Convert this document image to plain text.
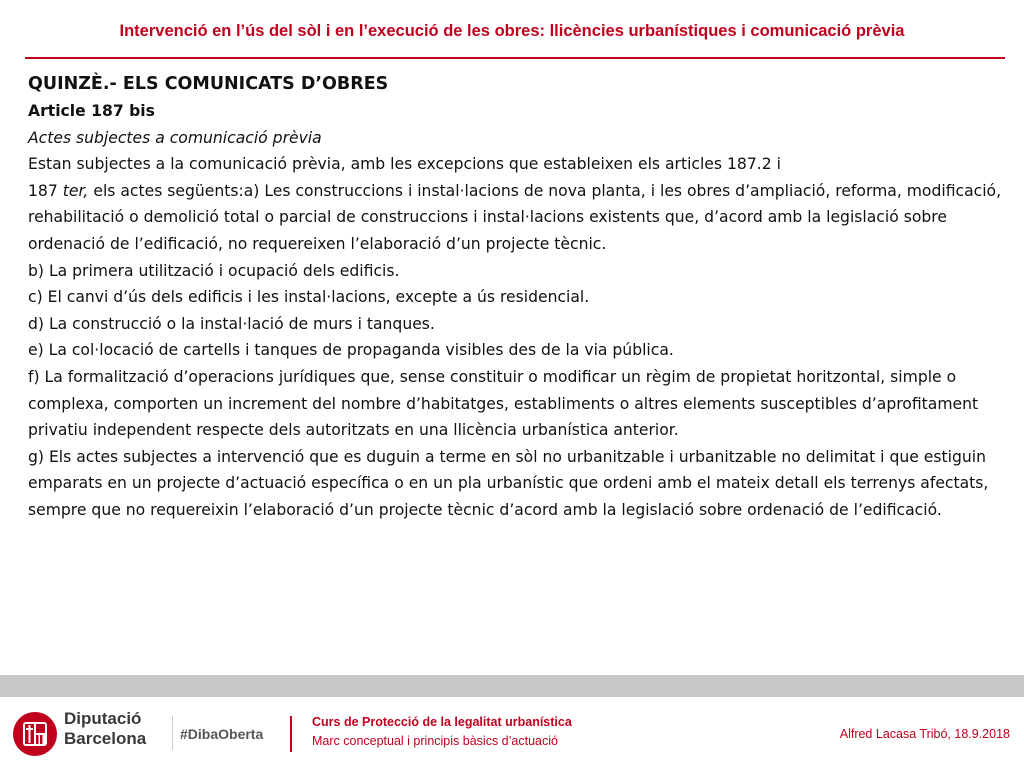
Intervenció en l’ús del sòl i en l’execució de les obres: llicències urbanístiques i comunicació prèvia

QUINZÈ.- ELS COMUNICATS D’OBRES

Article 187 bis

Actes subjectes a comunicació prèvia

Estan subjectes a la comunicació prèvia, amb les excepcions que estableixen els articles 187.2 i

187 ter, els actes següents:a) Les construccions i instal·lacions de nova planta, i les obres d’ampliació, reforma, modificació, rehabilitació o demolició total o parcial de construccions i instal·lacions existents que, d’acord amb la legislació sobre ordenació de l’edificació, no requereixen l’elaboració d’un projecte tècnic.

b) La primera utilització i ocupació dels edificis.

c) El canvi d’ús dels edificis i les instal·lacions, excepte a ús residencial.

d) La construcció o la instal·lació de murs i tanques.

e) La col·locació de cartells i tanques de propaganda visibles des de la via pública.

f) La formalització d’operacions jurídiques que, sense constituir o modificar un règim de propietat horitzontal, simple o complexa, comporten un increment del nombre d’habitatges, establiments o altres elements susceptibles d’aprofitament privatiu independent respecte dels autoritzats en una llicència urbanística anterior.

g) Els actes subjectes a intervenció que es duguin a terme en sòl no urbanitzable i urbanitzable no delimitat i que estiguin emparats en un projecte d’actuació específica o en un pla urbanístic que ordeni amb el mateix detall els terrenys afectats, sempre que no requereixin l’elaboració d’un projecte tècnic d’acord amb la legislació sobre ordenació de l’edificació.

Diputació
Barcelona #DibaOberta
Curs de Protecció de la legalitat urbanística
Marc conceptual i principis bàsics d’actuació	Alfred Lacasa Tribó, 18.9.2018
